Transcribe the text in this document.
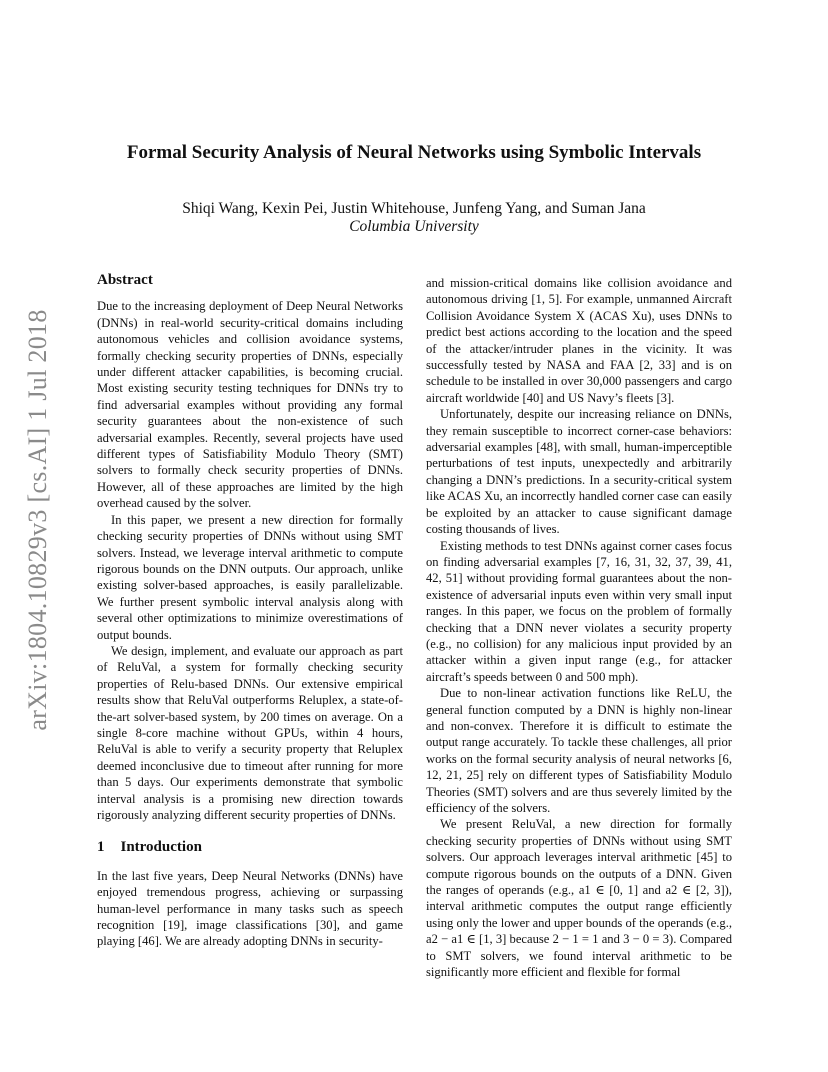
arXiv:1804.10829v3 [cs.AI] 1 Jul 2018
Formal Security Analysis of Neural Networks using Symbolic Intervals
Shiqi Wang, Kexin Pei, Justin Whitehouse, Junfeng Yang, and Suman Jana
Columbia University
Abstract

Due to the increasing deployment of Deep Neural Networks (DNNs) in real-world security-critical domains including autonomous vehicles and collision avoidance systems, formally checking security properties of DNNs, especially under different attacker capabilities, is becoming crucial. Most existing security testing techniques for DNNs try to find adversarial examples without providing any formal security guarantees about the non-existence of such adversarial examples. Recently, several projects have used different types of Satisfiability Modulo Theory (SMT) solvers to formally check security properties of DNNs. However, all of these approaches are limited by the high overhead caused by the solver.

In this paper, we present a new direction for formally checking security properties of DNNs without using SMT solvers. Instead, we leverage interval arithmetic to compute rigorous bounds on the DNN outputs. Our approach, unlike existing solver-based approaches, is easily parallelizable. We further present symbolic interval analysis along with several other optimizations to minimize overestimations of output bounds.

We design, implement, and evaluate our approach as part of ReluVal, a system for formally checking security properties of Relu-based DNNs. Our extensive empirical results show that ReluVal outperforms Reluplex, a state-of-the-art solver-based system, by 200 times on average. On a single 8-core machine without GPUs, within 4 hours, ReluVal is able to verify a security property that Reluplex deemed inconclusive due to timeout after running for more than 5 days. Our experiments demonstrate that symbolic interval analysis is a promising new direction towards rigorously analyzing different security properties of DNNs.

1 Introduction

In the last five years, Deep Neural Networks (DNNs) have enjoyed tremendous progress, achieving or surpassing human-level performance in many tasks such as speech recognition [19], image classifications [30], and game playing [46]. We are already adopting DNNs in security-

and mission-critical domains like collision avoidance and autonomous driving [1, 5]. For example, unmanned Aircraft Collision Avoidance System X (ACAS Xu), uses DNNs to predict best actions according to the location and the speed of the attacker/intruder planes in the vicinity. It was successfully tested by NASA and FAA [2, 33] and is on schedule to be installed in over 30,000 passengers and cargo aircraft worldwide [40] and US Navy’s fleets [3].

Unfortunately, despite our increasing reliance on DNNs, they remain susceptible to incorrect corner-case behaviors: adversarial examples [48], with small, human-imperceptible perturbations of test inputs, unexpectedly and arbitrarily changing a DNN’s predictions. In a security-critical system like ACAS Xu, an incorrectly handled corner case can easily be exploited by an attacker to cause significant damage costing thousands of lives.

Existing methods to test DNNs against corner cases focus on finding adversarial examples [7, 16, 31, 32, 37, 39, 41, 42, 51] without providing formal guarantees about the non-existence of adversarial inputs even within very small input ranges. In this paper, we focus on the problem of formally checking that a DNN never violates a security property (e.g., no collision) for any malicious input provided by an attacker within a given input range (e.g., for attacker aircraft’s speeds between 0 and 500 mph).

Due to non-linear activation functions like ReLU, the general function computed by a DNN is highly non-linear and non-convex. Therefore it is difficult to estimate the output range accurately. To tackle these challenges, all prior works on the formal security analysis of neural networks [6, 12, 21, 25] rely on different types of Satisfiability Modulo Theories (SMT) solvers and are thus severely limited by the efficiency of the solvers.

We present ReluVal, a new direction for formally checking security properties of DNNs without using SMT solvers. Our approach leverages interval arithmetic [45] to compute rigorous bounds on the outputs of a DNN. Given the ranges of operands (e.g., a1 ∈ [0, 1] and a2 ∈ [2, 3]), interval arithmetic computes the output range efficiently using only the lower and upper bounds of the operands (e.g., a2 − a1 ∈ [1, 3] because 2 − 1 = 1 and 3 − 0 = 3). Compared to SMT solvers, we found interval arithmetic to be significantly more efficient and flexible for formal
